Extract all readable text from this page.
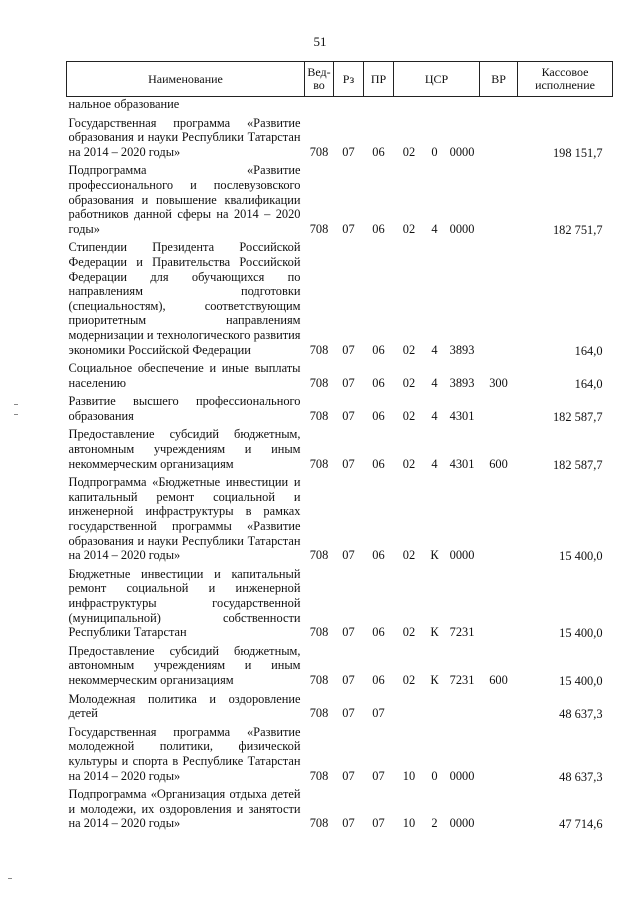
51
Наименование	Вед-во	Рз	ПР	ЦСР			ВР	Кассовое исполнение
нальное образование								
Государственная программа «Развитие образования и науки Республики Татарстан на 2014 – 2020 годы»	708	07	06	02	0	0000		198 151,7
Подпрограмма «Развитие профессионального и послевузовского образования и повышение квалификации работников данной сферы на 2014 – 2020 годы»	708	07	06	02	4	0000		182 751,7
Стипендии Президента Российской Федерации и Правительства Российской Федерации для обучающихся по направлениям подготовки (специальностям), соответствующим приоритетным направлениям модернизации и технологического развития экономики Российской Федерации	708	07	06	02	4	3893		164,0
Социальное обеспечение и иные выплаты населению	708	07	06	02	4	3893	300	164,0
Развитие высшего профессионального образования	708	07	06	02	4	4301		182 587,7
Предоставление субсидий бюджетным, автономным учреждениям и иным некоммерческим организациям	708	07	06	02	4	4301	600	182 587,7
Подпрограмма «Бюджетные инвестиции и капитальный ремонт социальной и инженерной инфраструктуры в рамках государственной программы «Развитие образования и науки Республики Татарстан на 2014 – 2020 годы»	708	07	06	02	К	0000		15 400,0
Бюджетные инвестиции и капитальный ремонт социальной и инженерной инфраструктуры государственной (муниципальной) собственности Республики Татарстан	708	07	06	02	К	7231		15 400,0
Предоставление субсидий бюджетным, автономным учреждениям и иным некоммерческим организациям	708	07	06	02	К	7231	600	15 400,0
Молодежная политика и оздоровление детей	708	07	07					48 637,3
Государственная программа «Развитие молодежной политики, физической культуры и спорта в Республике Татарстан на 2014 – 2020 годы»	708	07	07	10	0	0000		48 637,3
Подпрограмма «Организация отдыха детей и молодежи, их оздоровления и занятости на 2014 – 2020 годы»	708	07	07	10	2	0000		47 714,6
